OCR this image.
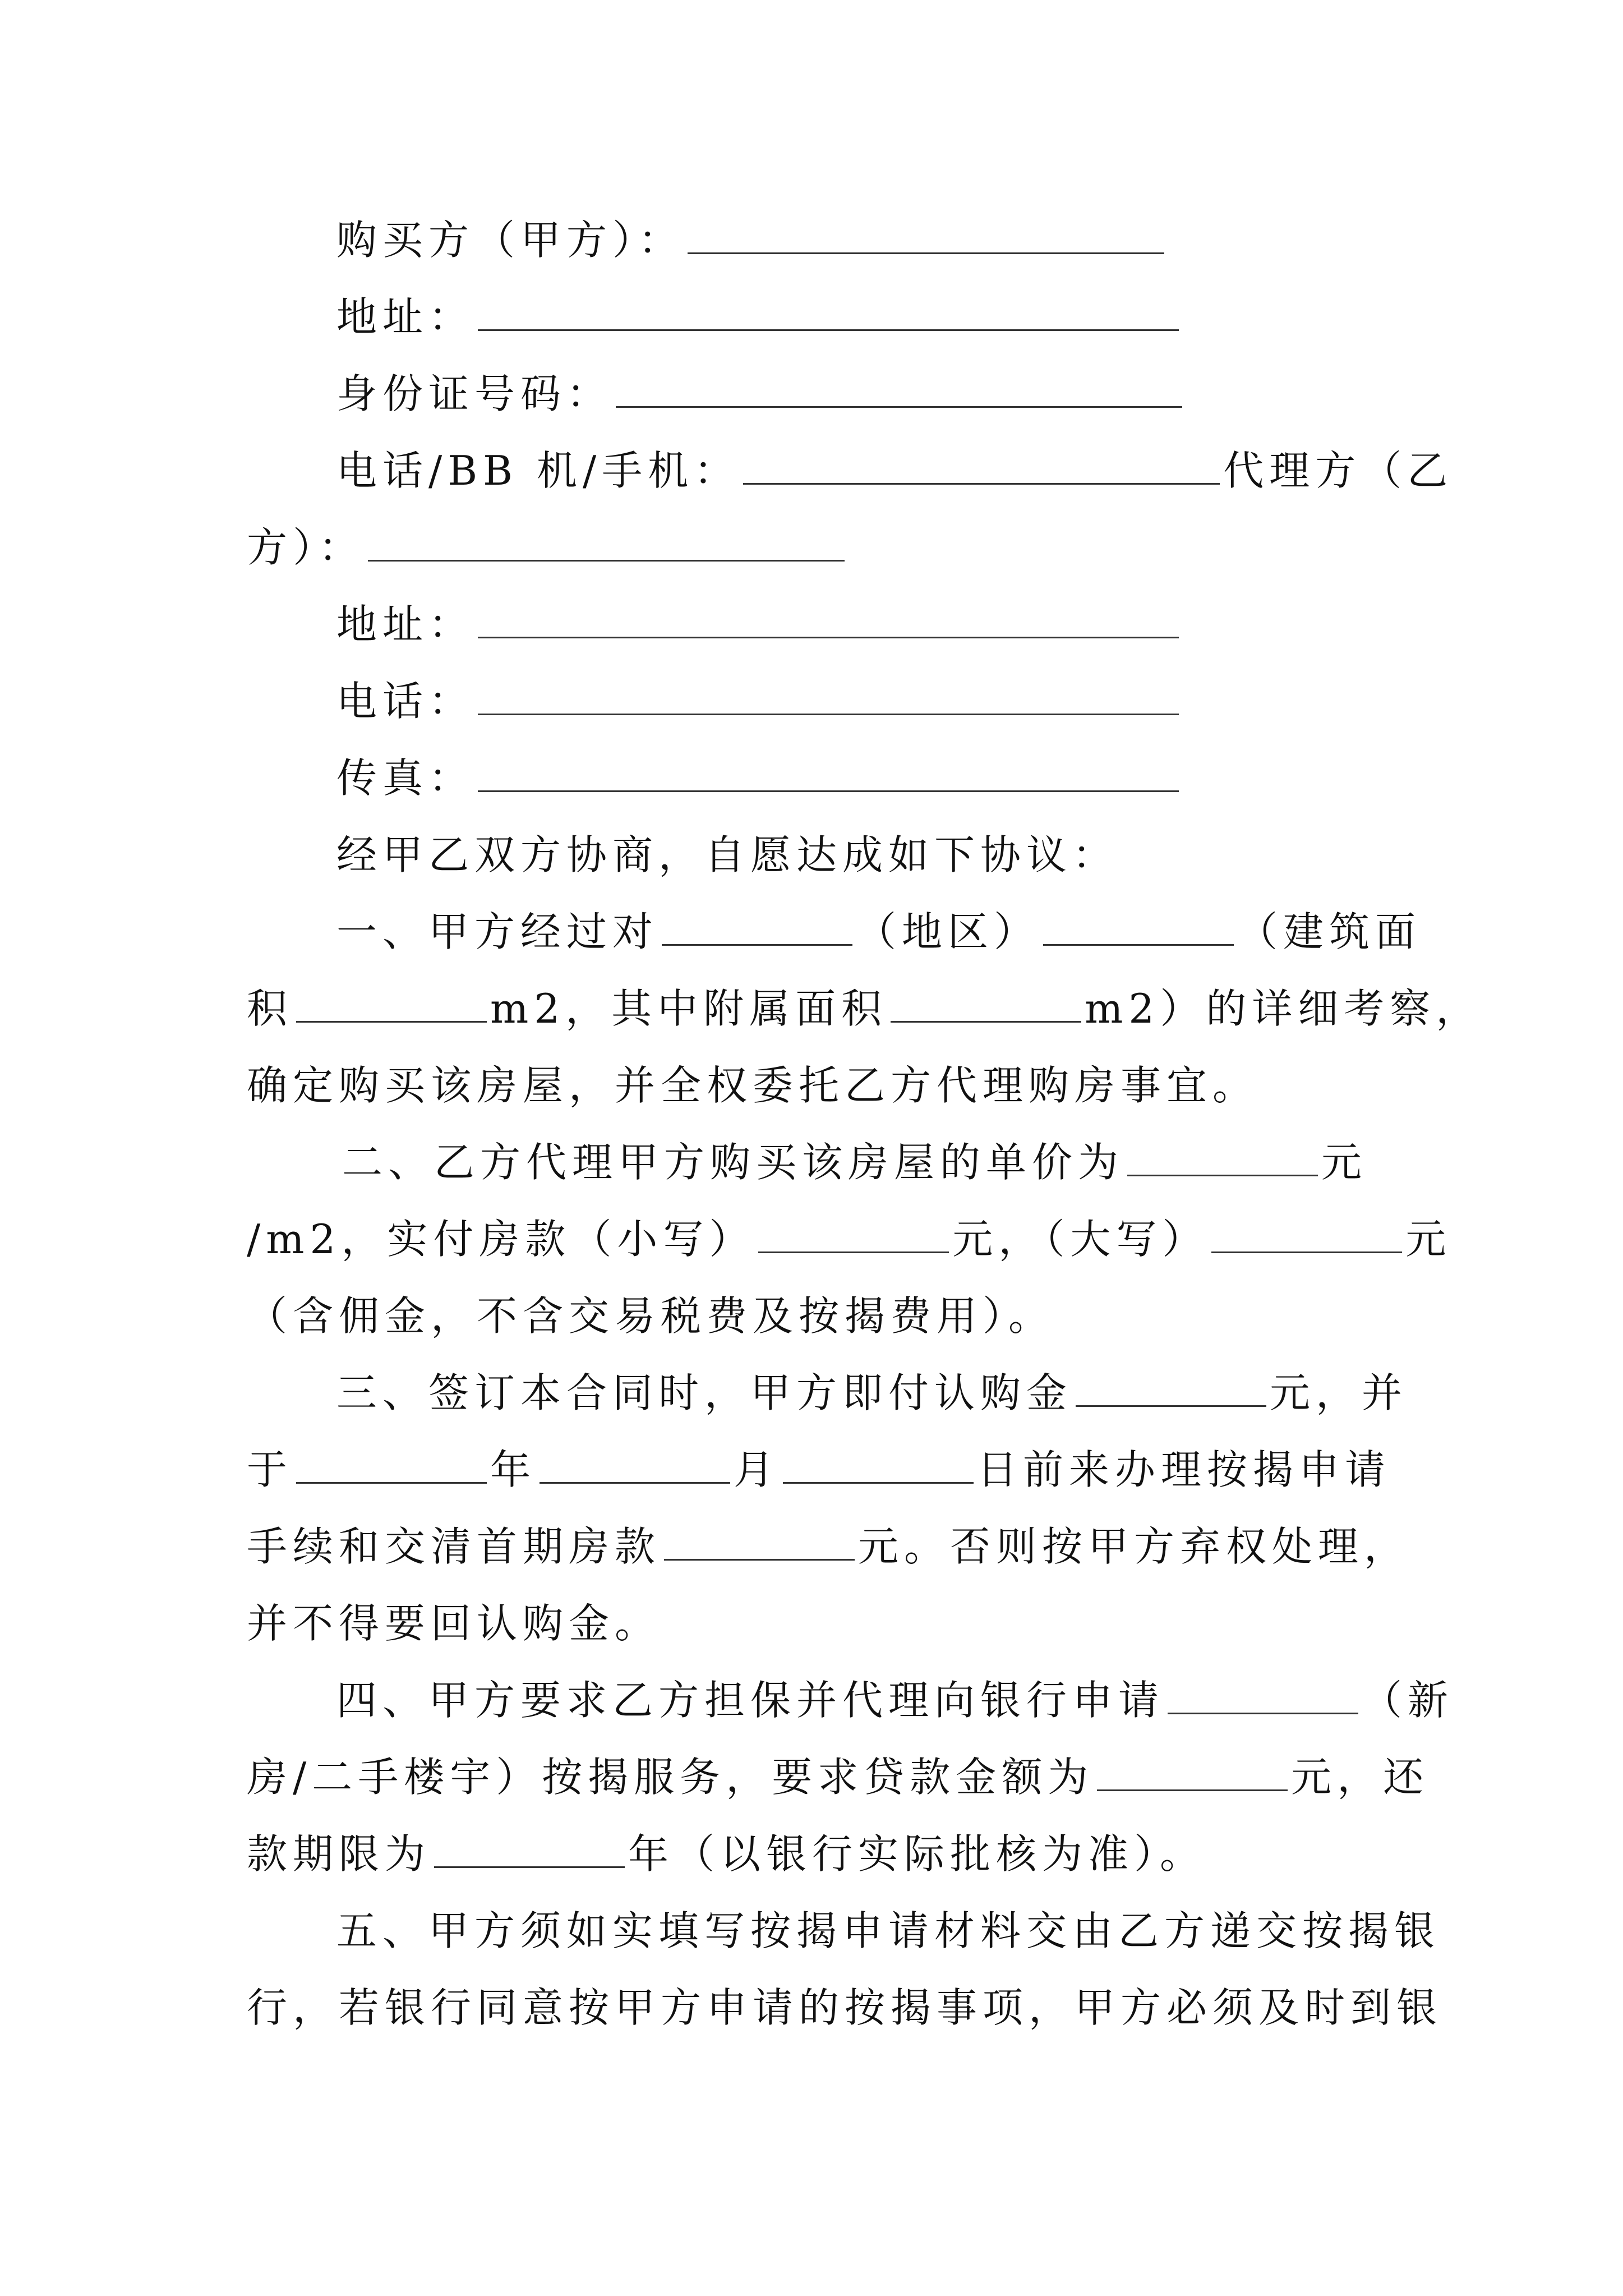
购买方（甲方）：
地址：
身份证号码：
电话/BB 机/手机：	代理方（乙
方）：
地址：
电话：
传真：
经甲乙双方协商，自愿达成如下协议：
一、甲方经过对	（地区）	（建筑面
积	m2，其中附属面积	m2）的详细考察，
确定购买该房屋，并全权委托乙方代理购房事宜。
二、乙方代理甲方购买该房屋的单价为	元
/m2，实付房款（小写）	元，（大写）	元
（含佣金，不含交易税费及按揭费用）。
三、签订本合同时，甲方即付认购金	元，并
于	年	月	日前来办理按揭申请
手续和交清首期房款	元。否则按甲方弃权处理，
并不得要回认购金。
四、甲方要求乙方担保并代理向银行申请	（新
房/二手楼宇）按揭服务，要求贷款金额为	元，还
款期限为	年（以银行实际批核为准）。
五、甲方须如实填写按揭申请材料交由乙方递交按揭银
行，若银行同意按甲方申请的按揭事项，甲方必须及时到银
